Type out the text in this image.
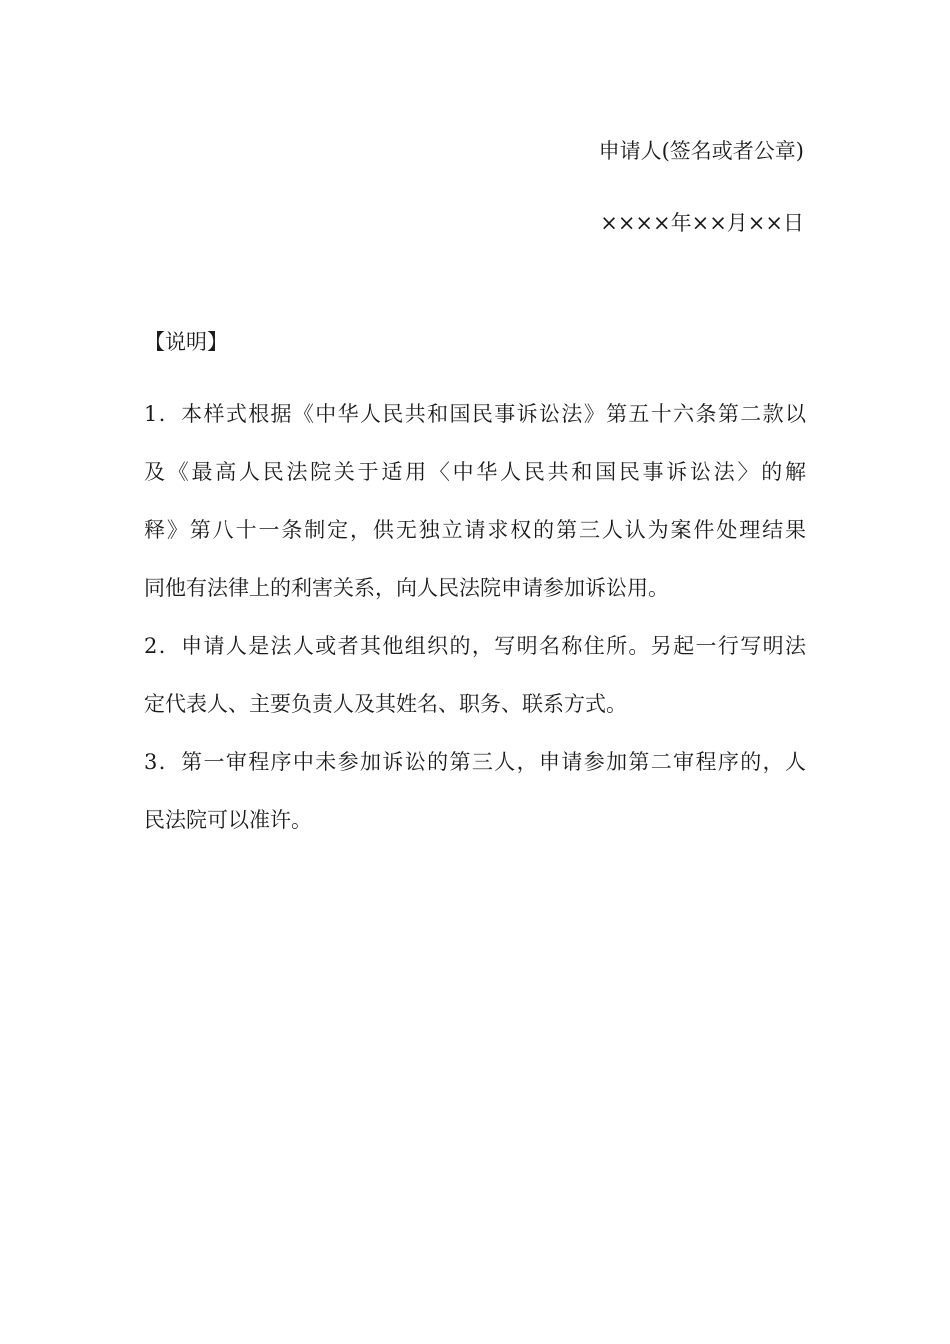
申请人(签名或者公章)
××××年××月××日
【说明】
1．本样式根据《中华人民共和国民事诉讼法》第五十六条第二款以
及《最高人民法院关于适用〈中华人民共和国民事诉讼法〉的解
释》第八十一条制定，供无独立请求权的第三人认为案件处理结果
同他有法律上的利害关系，向人民法院申请参加诉讼用。
2．申请人是法人或者其他组织的，写明名称住所。另起一行写明法
定代表人、主要负责人及其姓名、职务、联系方式。
3．第一审程序中未参加诉讼的第三人，申请参加第二审程序的，人
民法院可以准许。
